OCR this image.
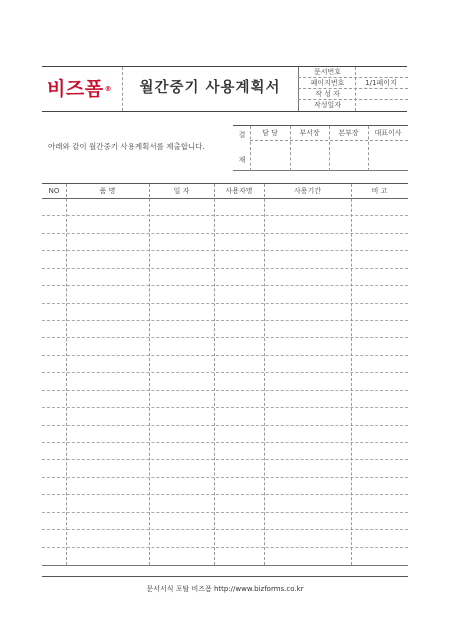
비즈폼®	월간중기 사용계획서
문서번호
페이지번호	1/1페이지
작 성 자
작성일자
아래와 같이 월간중기 사용계획서를 제출합니다.
결
재
담 당	부서장	본부장	대표이사
NO	품 명	일 자	사용자명	사용기간	비 고
문서서식 포탈 비즈폼 http://www.bizforms.co.kr
